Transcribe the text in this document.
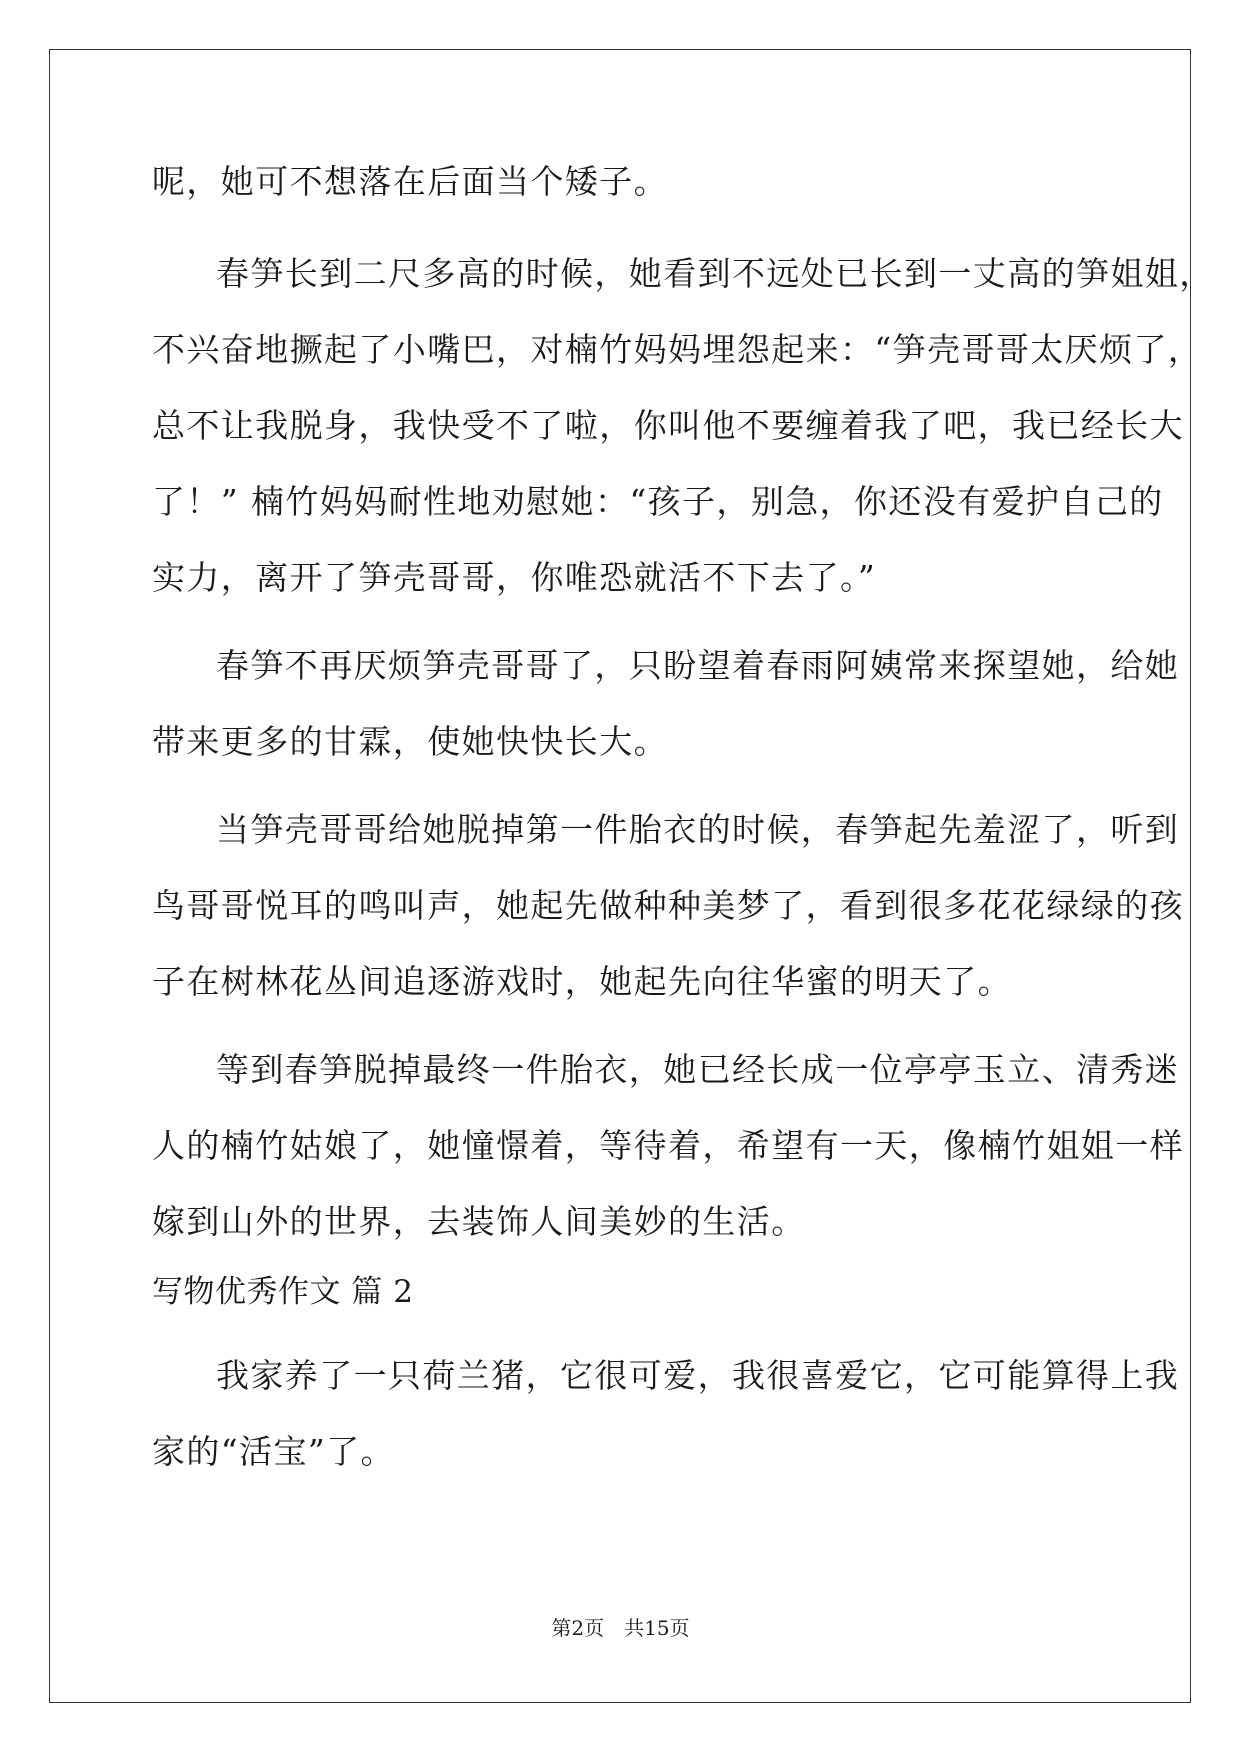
呢，她可不想落在后面当个矮子。
春笋长到二尺多高的时候，她看到不远处已长到一丈高的笋姐姐，
不兴奋地撅起了小嘴巴，对楠竹妈妈埋怨起来：“笋壳哥哥太厌烦了，
总不让我脱身，我快受不了啦，你叫他不要缠着我了吧，我已经长大
了！” 楠竹妈妈耐性地劝慰她：“孩子，别急，你还没有爱护自己的
实力，离开了笋壳哥哥，你唯恐就活不下去了。”
春笋不再厌烦笋壳哥哥了，只盼望着春雨阿姨常来探望她，给她
带来更多的甘霖，使她快快长大。
当笋壳哥哥给她脱掉第一件胎衣的时候，春笋起先羞涩了，听到
鸟哥哥悦耳的鸣叫声，她起先做种种美梦了，看到很多花花绿绿的孩
子在树林花丛间追逐游戏时，她起先向往华蜜的明天了。
等到春笋脱掉最终一件胎衣，她已经长成一位亭亭玉立、清秀迷
人的楠竹姑娘了，她憧憬着，等待着，希望有一天，像楠竹姐姐一样
嫁到山外的世界，去装饰人间美妙的生活。
写物优秀作文 篇 2
我家养了一只荷兰猪，它很可爱，我很喜爱它，它可能算得上我
家的“活宝”了。
第2页　共15页
